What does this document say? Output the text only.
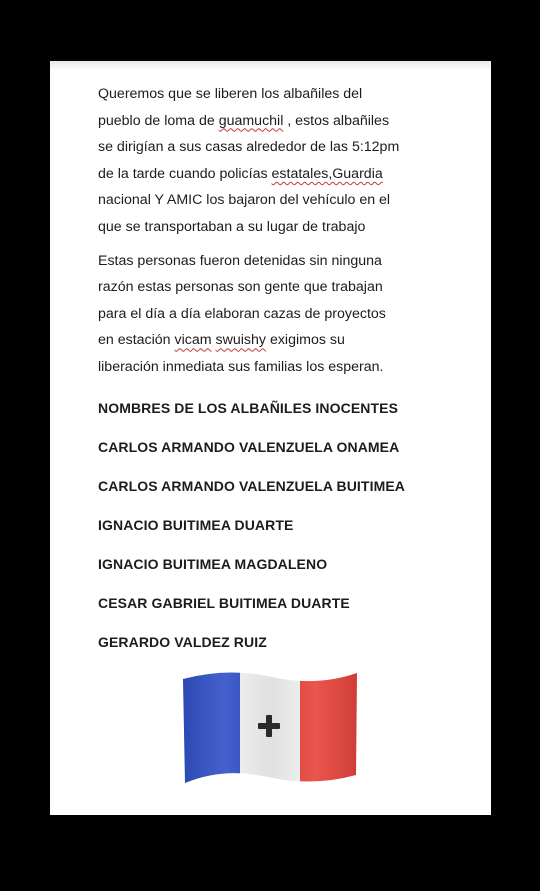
Queremos que se liberen los albañiles del
pueblo de loma de guamuchil , estos albañiles
se dirigían a sus casas alrededor de las 5:12pm
de la tarde cuando policías estatales,Guardia
nacional Y AMIC los bajaron del vehículo en el
que se transportaban a su lugar de trabajo

Estas personas fueron detenidas sin ninguna
razón estas personas son gente que trabajan
para el día a día elaboran cazas de proyectos
en estación vicam swuishy exigimos su
liberación inmediata sus familias los esperan.

NOMBRES DE LOS ALBAÑILES INOCENTES
CARLOS ARMANDO VALENZUELA ONAMEA
CARLOS ARMANDO VALENZUELA BUITIMEA
IGNACIO BUITIMEA DUARTE
IGNACIO BUITIMEA MAGDALENO
CESAR GABRIEL BUITIMEA DUARTE
GERARDO VALDEZ RUIZ
